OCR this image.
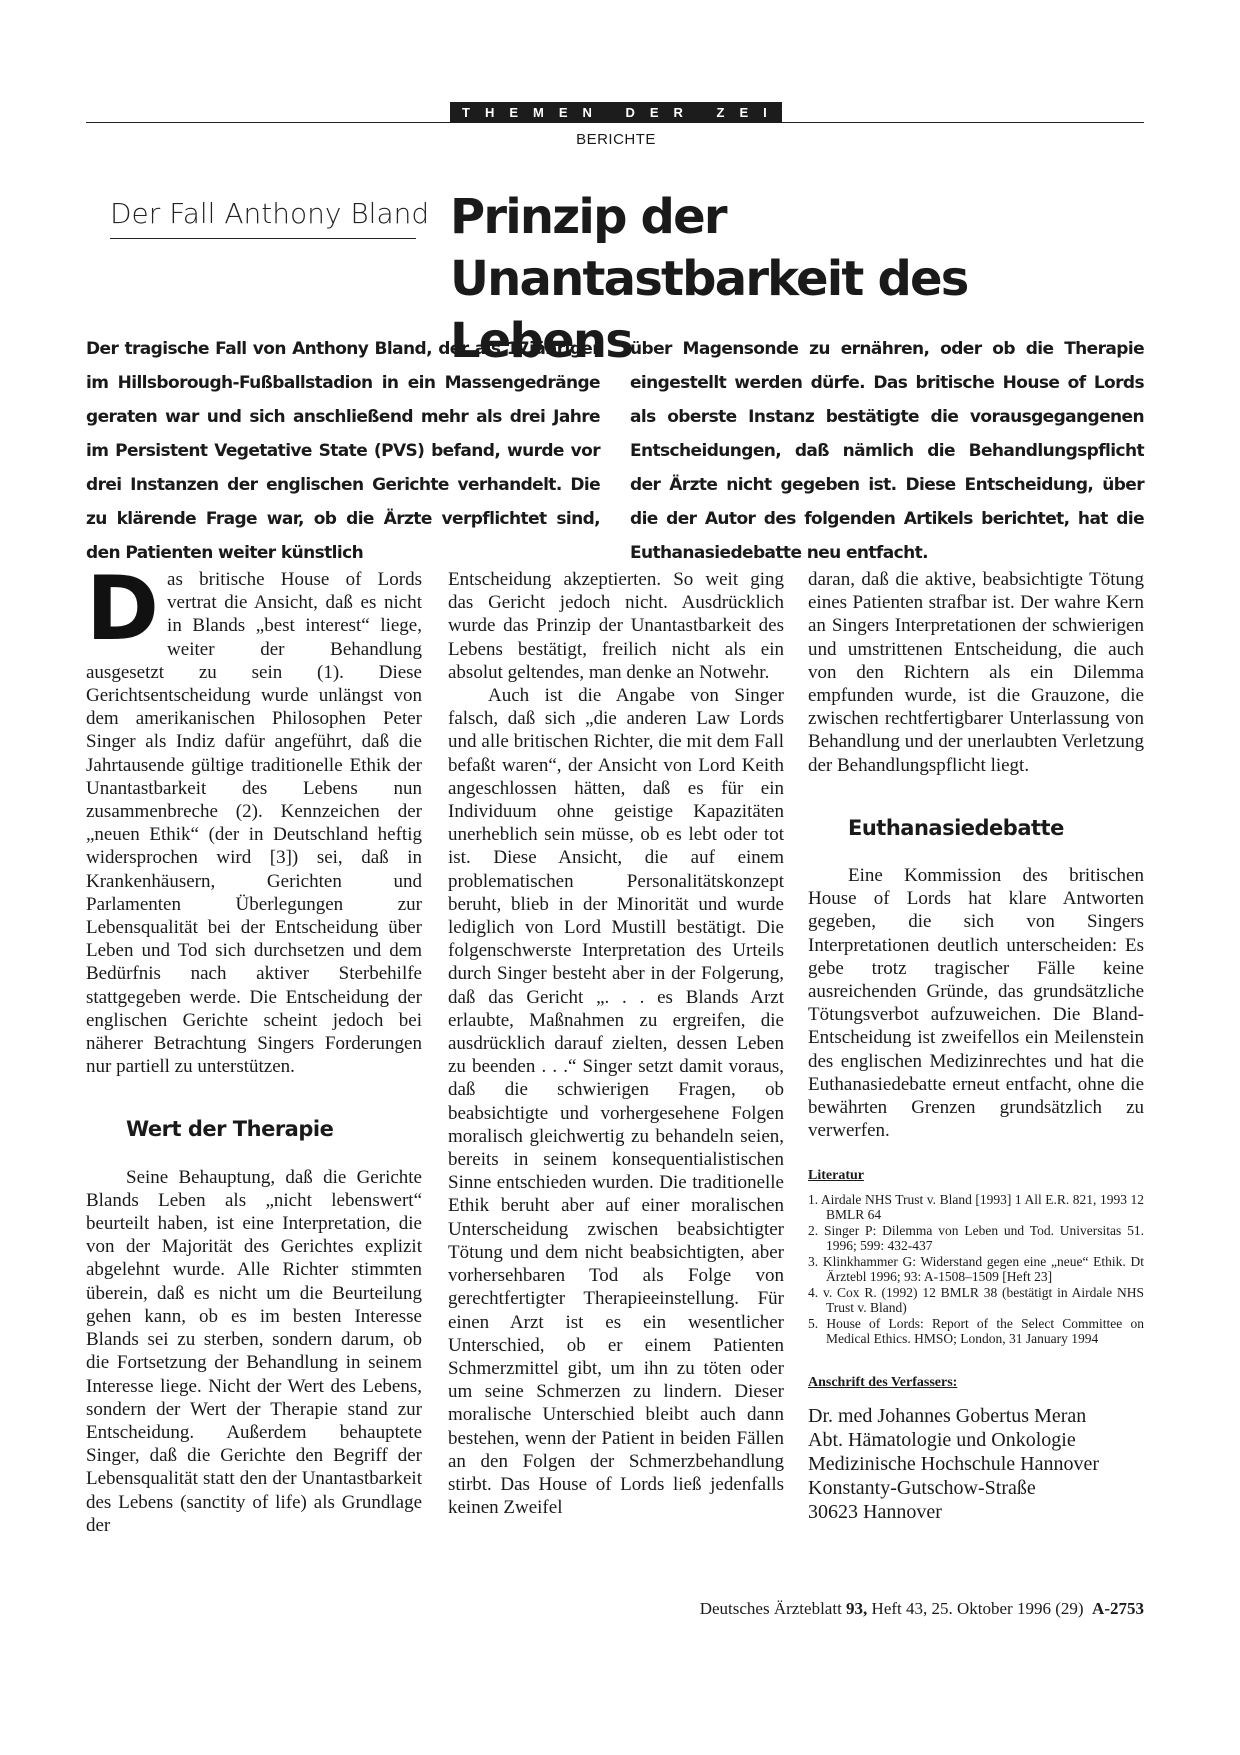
THEMEN DER ZEIT
BERICHTE
Der Fall Anthony Bland Prinzip der Unantastbarkeit des Lebens

Der tragische Fall von Anthony Bland, der als 17jähriger im Hillsborough-Fußballstadion in ein Massengedränge geraten war und sich anschließend mehr als drei Jahre im Persistent Vegetative State (PVS) befand, wurde vor drei Instanzen der englischen Gerichte verhandelt. Die zu klärende Frage war, ob die Ärzte verpflichtet sind, den Patienten weiter künstlich

über Magensonde zu ernähren, oder ob die Therapie eingestellt werden dürfe. Das britische House of Lords als oberste Instanz bestätigte die vorausgegangenen Entscheidungen, daß nämlich die Behandlungspflicht der Ärzte nicht gegeben ist. Diese Entscheidung, über die der Autor des folgenden Artikels berichtet, hat die Euthanasiedebatte neu entfacht.

Das britische House of Lords vertrat die Ansicht, daß es nicht in Blands „best interest“ liege, weiter der Behandlung ausgesetzt zu sein (1). Diese Gerichtsentscheidung wurde unlängst von dem amerikanischen Philosophen Peter Singer als Indiz dafür angeführt, daß die Jahrtausende gültige traditionelle Ethik der Unantastbarkeit des Lebens nun zusammenbreche (2). Kennzeichen der „neuen Ethik“ (der in Deutschland heftig widersprochen wird [3]) sei, daß in Krankenhäusern, Gerichten und Parlamenten Überlegungen zur Lebensqualität bei der Entscheidung über Leben und Tod sich durchsetzen und dem Bedürfnis nach aktiver Sterbehilfe stattgegeben werde. Die Entscheidung der englischen Gerichte scheint jedoch bei näherer Betrachtung Singers Forderungen nur partiell zu unterstützen.

Wert der Therapie

Seine Behauptung, daß die Gerichte Blands Leben als „nicht lebenswert“ beurteilt haben, ist eine Interpretation, die von der Majorität des Gerichtes explizit abgelehnt wurde. Alle Richter stimmten überein, daß es nicht um die Beurteilung gehen kann, ob es im besten Interesse Blands sei zu sterben, sondern darum, ob die Fortsetzung der Behandlung in seinem Interesse liege. Nicht der Wert des Lebens, sondern der Wert der Therapie stand zur Entscheidung. Außerdem behauptete Singer, daß die Gerichte den Begriff der Lebensqualität statt den der Unantastbarkeit des Lebens (sanctity of life) als Grundlage der

Entscheidung akzeptierten. So weit ging das Gericht jedoch nicht. Ausdrücklich wurde das Prinzip der Unantastbarkeit des Lebens bestätigt, freilich nicht als ein absolut geltendes, man denke an Notwehr.

Auch ist die Angabe von Singer falsch, daß sich „die anderen Law Lords und alle britischen Richter, die mit dem Fall befaßt waren“, der Ansicht von Lord Keith angeschlossen hätten, daß es für ein Individuum ohne geistige Kapazitäten unerheblich sein müsse, ob es lebt oder tot ist. Diese Ansicht, die auf einem problematischen Personalitätskonzept beruht, blieb in der Minorität und wurde lediglich von Lord Mustill bestätigt. Die folgenschwerste Interpretation des Urteils durch Singer besteht aber in der Folgerung, daß das Gericht „. . . es Blands Arzt erlaubte, Maßnahmen zu ergreifen, die ausdrücklich darauf zielten, dessen Leben zu beenden . . .“ Singer setzt damit voraus, daß die schwierigen Fragen, ob beabsichtigte und vorhergesehene Folgen moralisch gleichwertig zu behandeln seien, bereits in seinem konsequentialistischen Sinne entschieden wurden. Die traditionelle Ethik beruht aber auf einer moralischen Unterscheidung zwischen beabsichtigter Tötung und dem nicht beabsichtigten, aber vorhersehbaren Tod als Folge von gerechtfertigter Therapieeinstellung. Für einen Arzt ist es ein wesentlicher Unterschied, ob er einem Patienten Schmerzmittel gibt, um ihn zu töten oder um seine Schmerzen zu lindern. Dieser moralische Unterschied bleibt auch dann bestehen, wenn der Patient in beiden Fällen an den Folgen der Schmerzbehandlung stirbt. Das House of Lords ließ jedenfalls keinen Zweifel

daran, daß die aktive, beabsichtigte Tötung eines Patienten strafbar ist. Der wahre Kern an Singers Interpretationen der schwierigen und umstrittenen Entscheidung, die auch von den Richtern als ein Dilemma empfunden wurde, ist die Grauzone, die zwischen rechtfertigbarer Unterlassung von Behandlung und der unerlaubten Verletzung der Behandlungspflicht liegt.

Euthanasiedebatte

Eine Kommission des britischen House of Lords hat klare Antworten gegeben, die sich von Singers Interpretationen deutlich unterscheiden: Es gebe trotz tragischer Fälle keine ausreichenden Gründe, das grundsätzliche Tötungsverbot aufzuweichen. Die Bland-Entscheidung ist zweifellos ein Meilenstein des englischen Medizinrechtes und hat die Euthanasiedebatte erneut entfacht, ohne die bewährten Grenzen grundsätzlich zu verwerfen.

Literatur
1. Airdale NHS Trust v. Bland [1993] 1 All E.R. 821, 1993 12 BMLR 64
2. Singer P: Dilemma von Leben und Tod. Universitas 51. 1996; 599: 432-437
3. Klinkhammer G: Widerstand gegen eine „neue“ Ethik. Dt Ärztebl 1996; 93: A-1508–1509 [Heft 23]
4. v. Cox R. (1992) 12 BMLR 38 (bestätigt in Airdale NHS Trust v. Bland)
5. House of Lords: Report of the Select Committee on Medical Ethics. HMSO; London, 31 January 1994
Anschrift des Verfassers:
Dr. med Johannes Gobertus Meran
Abt. Hämatologie und Onkologie
Medizinische Hochschule Hannover
Konstanty-Gutschow-Straße
30623 Hannover
Deutsches Ärzteblatt 93, Heft 43, 25. Oktober 1996 (29) A-2753
